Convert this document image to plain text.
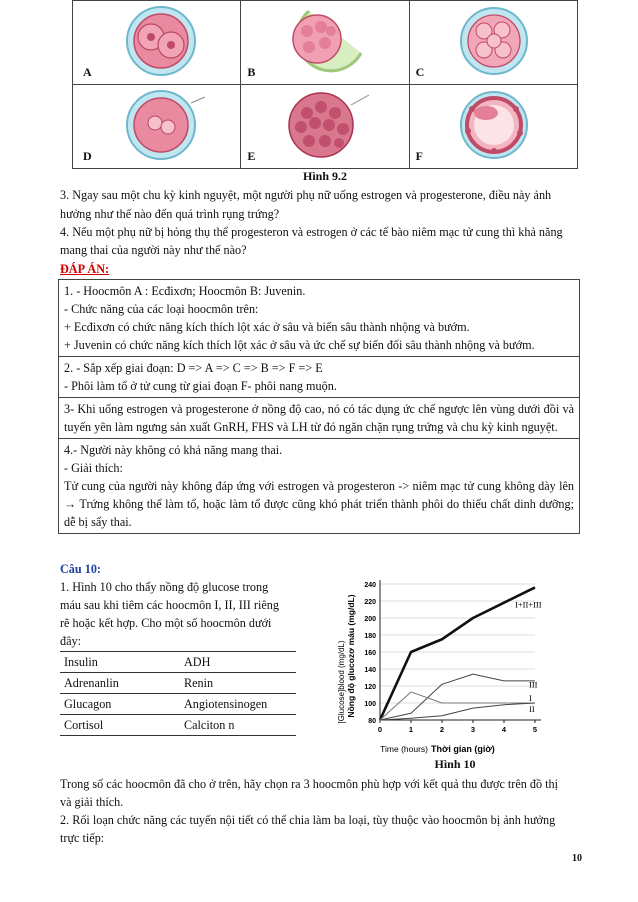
A	B	C

D	E	F
Hình 9.2

3. Ngay sau một chu kỳ kinh nguyệt, một người phụ nữ uống estrogen và progesterone, điều này ảnh

hưởng như thế nào đến quá trình rụng trứng?

4. Nếu một phụ nữ bị hỏng thụ thể progesteron và estrogen ở các tế bào niêm mạc tử cung thì khả năng

mang thai của người này như thế nào?

ĐÁP ÁN:

1. - Hoocmôn A : Ecđixơn; Hoocmôn B: Juvenin.
- Chức năng của các loại hoocmôn trên:
+ Ecđixơn có chức năng kích thích lột xác ở sâu và biến sâu thành nhộng và bướm.
+ Juvenin có chức năng kích thích lột xác ở sâu và ức chế sự biến đổi sâu thành nhộng và bướm.

2. - Sắp xếp giai đoạn: D => A => C => B => F => E
- Phôi làm tổ ở tử cung từ giai đoạn F- phôi nang muộn.

3- Khi uống estrogen và progesterone ở nồng độ cao, nó có tác dụng ức chế ngược lên vùng dưới đồi và tuyến yên làm ngưng sản xuất GnRH, FHS và LH từ đó ngăn chặn rụng trứng và chu kỳ kinh nguyệt.

4.- Người này không có khả năng mang thai.
- Giải thích:
Tử cung của người này không đáp ứng với estrogen và progesteron -> niêm mạc tử cung không dày lên → Trứng không thể làm tổ, hoặc làm tổ được cũng khó phát triển thành phôi do thiếu chất dinh dưỡng; dễ bị sẩy thai.

Câu 10:

1. Hình 10 cho thấy nồng độ glucose trong

máu sau khi tiêm các hoocmôn I, II, III riêng

rẽ hoặc kết hợp. Cho một số hoocmôn dưới

đây:

Insulin	ADH
Adrenanlin	Renin
Glucagon	Angiotensinogen
Cortisol	Calciton n	80
100
120
140
160
180
200
220
240
0	1	2	3	4	5
I+II+III
III
I
II
[Glucose]blood (mg/dL) Nồng độ glucozơ máu (mg/dL)
Time (hours) Thời gian (giờ)
Hình 10

Trong số các hoocmôn đã cho ở trên, hãy chọn ra 3 hoocmôn phù hợp với kết quả thu được trên đồ thị

và giải thích.

2. Rối loạn chức năng các tuyến nội tiết có thể chia làm ba loại, tùy thuộc vào hoocmôn bị ảnh hưởng

trực tiếp:

10
